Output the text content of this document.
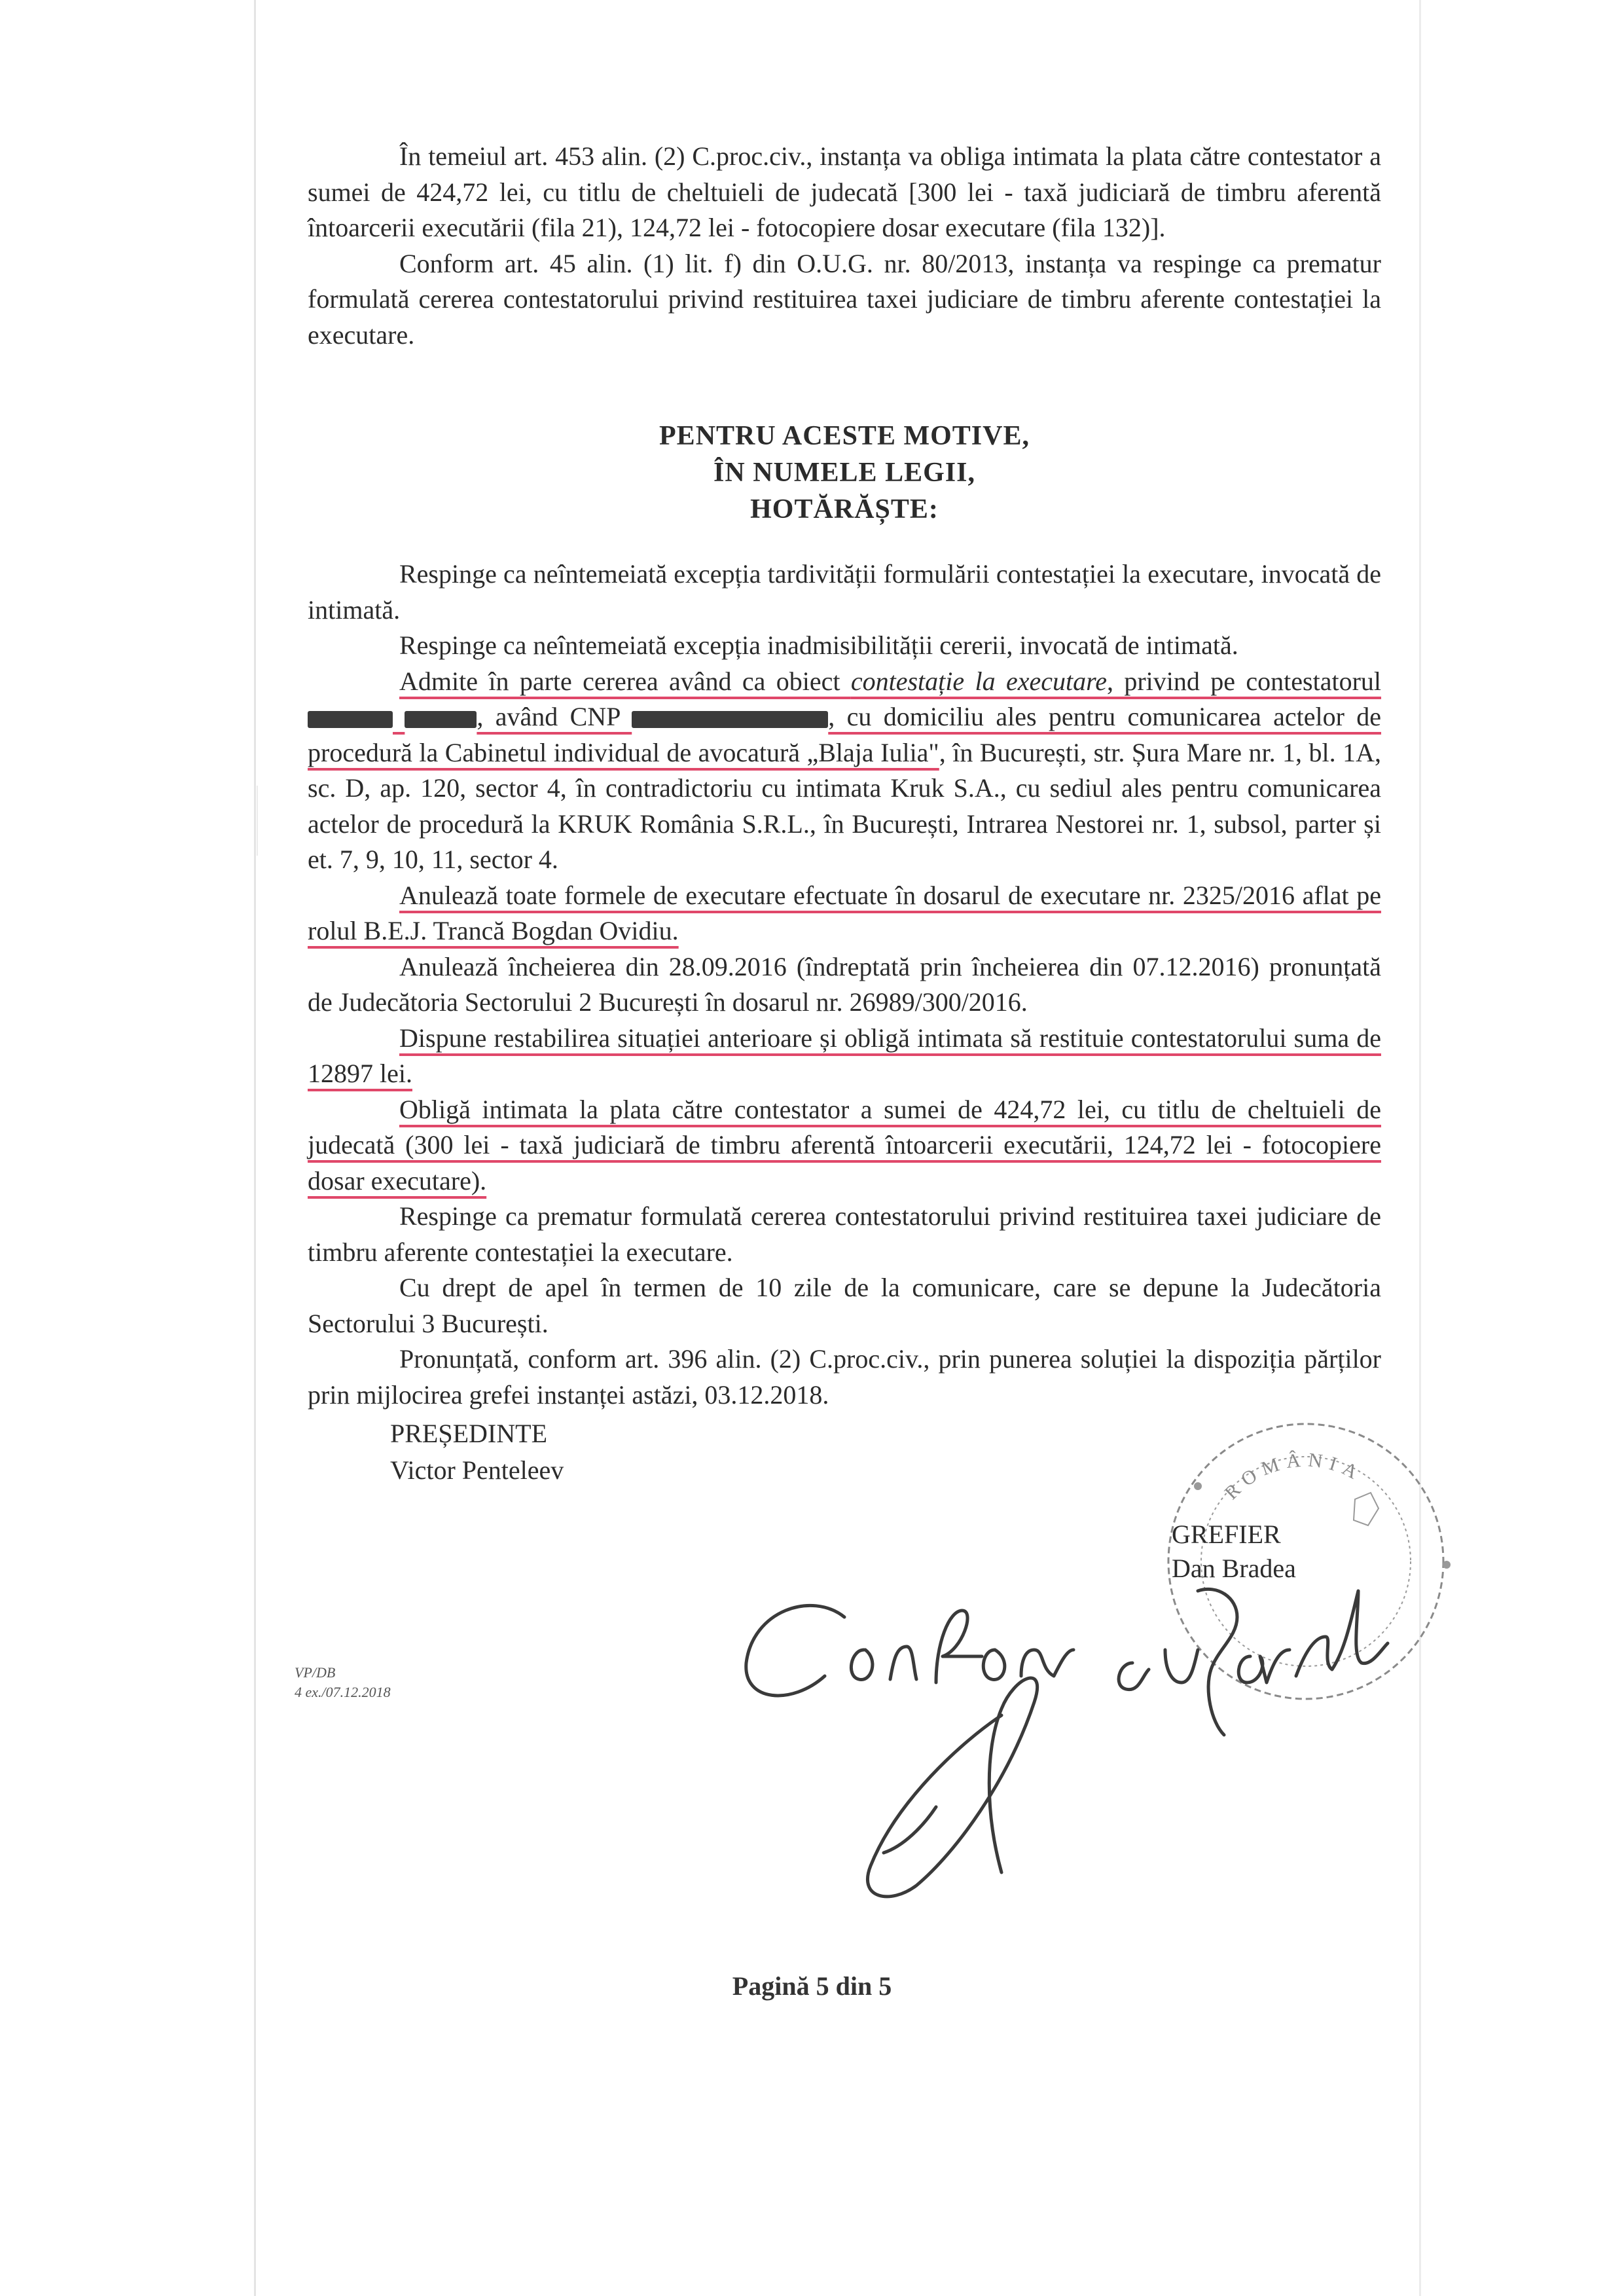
În temeiul art. 453 alin. (2) C.proc.civ., instanța va obliga intimata la plata către contestator a sumei de 424,72 lei, cu titlu de cheltuieli de judecată [300 lei - taxă judiciară de timbru aferentă întoarcerii executării (fila 21), 124,72 lei - fotocopiere dosar executare (fila 132)].

Conform art. 45 alin. (1) lit. f) din O.U.G. nr. 80/2013, instanța va respinge ca prematur formulată cererea contestatorului privind restituirea taxei judiciare de timbru aferente contestației la executare.

PENTRU ACESTE MOTIVE,
ÎN NUMELE LEGII,
HOTĂRĂȘTE:

Respinge ca neîntemeiată excepția tardivității formulării contestației la executare, invocată de intimată.

Respinge ca neîntemeiată excepția inadmisibilității cererii, invocată de intimată.

Admite în parte cererea având ca obiect contestație la executare, privind pe contestatorul  , având CNP	, cu domiciliu ales pentru comunicarea actelor de procedură la Cabinetul individual de avocatură „Blaja Iulia", în București, str. Șura Mare nr. 1, bl. 1A, sc. D, ap. 120, sector 4, în contradictoriu cu intimata Kruk S.A., cu sediul ales pentru comunicarea actelor de procedură la KRUK România S.R.L., în București, Intrarea Nestorei nr. 1, subsol, parter și et. 7, 9, 10, 11, sector 4.

Anulează toate formele de executare efectuate în dosarul de executare nr. 2325/2016 aflat pe rolul B.E.J. Trancă Bogdan Ovidiu.

Anulează încheierea din 28.09.2016 (îndreptată prin încheierea din 07.12.2016) pronunțată de Judecătoria Sectorului 2 București în dosarul nr. 26989/300/2016.

Dispune restabilirea situației anterioare și obligă intimata să restituie contestatorului suma de 12897 lei.

Obligă intimata la plata către contestator a sumei de 424,72 lei, cu titlu de cheltuieli de judecată (300 lei - taxă judiciară de timbru aferentă întoarcerii executării, 124,72 lei - fotocopiere dosar executare).

Respinge ca prematur formulată cererea contestatorului privind restituirea taxei judiciare de timbru aferente contestației la executare.

Cu drept de apel în termen de 10 zile de la comunicare, care se depune la Judecătoria Sectorului 3 București.

Pronunțată, conform art. 396 alin. (2) C.proc.civ., prin punerea soluției la dispoziția părților prin mijlocirea grefei instanței astăzi, 03.12.2018.

PREȘEDINTE
Victor Penteleev
ROMÂNIA
GREFIER
Dan Bradea
VP/DB
4 ex./07.12.2018
Pagină 5 din 5
